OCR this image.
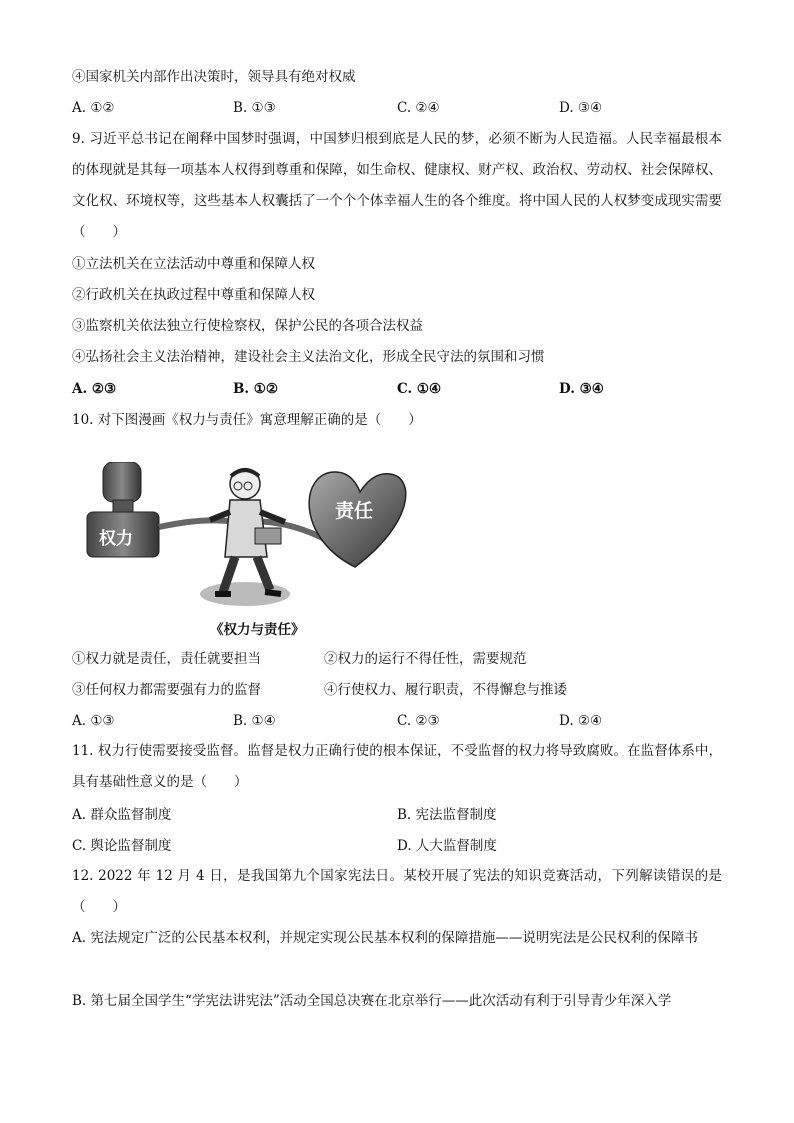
④国家机关内部作出决策时，领导具有绝对权威
A. ①②	B. ①③	C. ②④	D. ③④
9. 习近平总书记在阐释中国梦时强调，中国梦归根到底是人民的梦，必须不断为人民造福。人民幸福最根本的体现就是其每一项基本人权得到尊重和保障，如生命权、健康权、财产权、政治权、劳动权、社会保障权、文化权、环境权等，这些基本人权囊括了一个个个体幸福人生的各个维度。将中国人民的人权梦变成现实需要（　　）
①立法机关在立法活动中尊重和保障人权
②行政机关在执政过程中尊重和保障人权
③监察机关依法独立行使检察权，保护公民的各项合法权益
④弘扬社会主义法治精神，建设社会主义法治文化，形成全民守法的氛围和习惯
A. ②③	B. ①②	C. ①④	D. ③④
10. 对下图漫画《权力与责任》寓意理解正确的是（　　）
权力
责任
《权力与责任》
①权力就是责任，责任就要担当	②权力的运行不得任性，需要规范
③任何权力都需要强有力的监督	④行使权力、履行职责，不得懈怠与推诿
A. ①③	B. ①④	C. ②③	D. ②④
11. 权力行使需要接受监督。监督是权力正确行使的根本保证，不受监督的权力将导致腐败。在监督体系中，具有基础性意义的是（　　）
A. 群众监督制度	B. 宪法监督制度
C. 舆论监督制度	D. 人大监督制度
12. 2022 年 12 月 4 日，是我国第九个国家宪法日。某校开展了宪法的知识竞赛活动，下列解读错误的是（　　）
A. 宪法规定广泛的公民基本权利，并规定实现公民基本权利的保障措施——说明宪法是公民权利的保障书
B. 第七届全国学生“学宪法讲宪法”活动全国总决赛在北京举行——此次活动有利于引导青少年深入学
